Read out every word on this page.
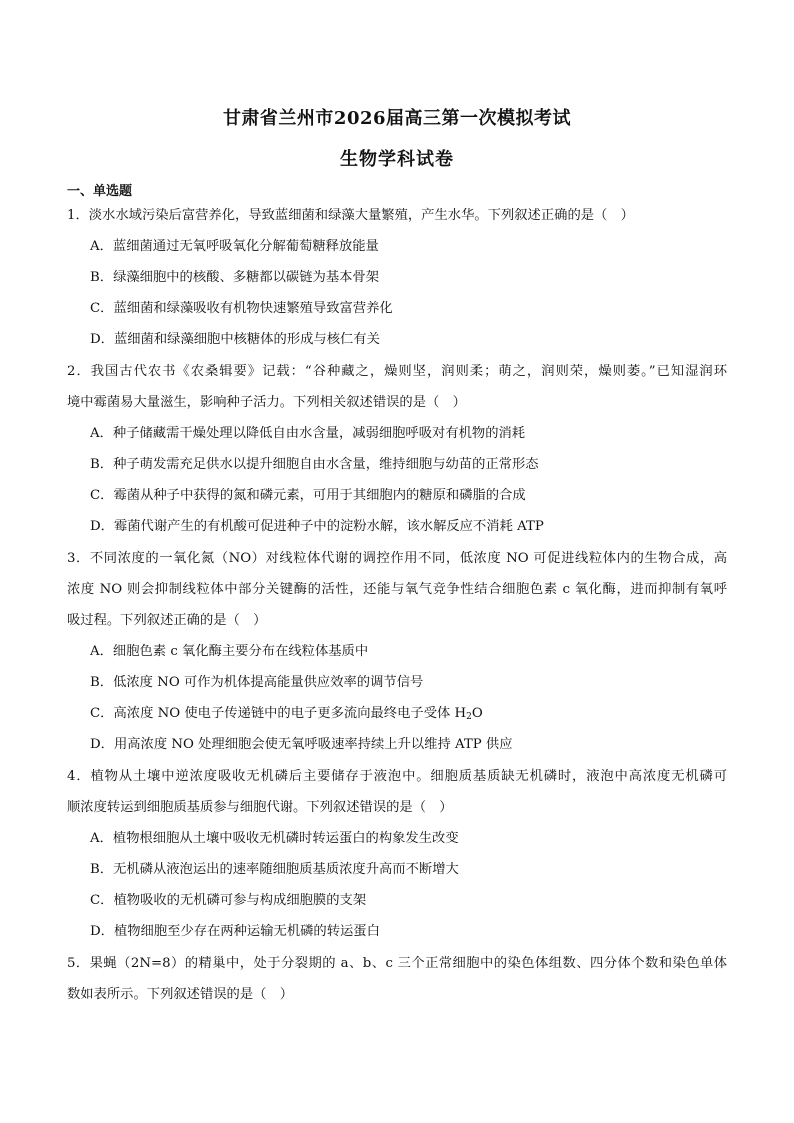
甘肃省兰州市2026届高三第一次模拟考试
生物学科试卷
一、单选题
1．淡水水域污染后富营养化，导致蓝细菌和绿藻大量繁殖，产生水华。下列叙述正确的是（　）
A．蓝细菌通过无氧呼吸氧化分解葡萄糖释放能量
B．绿藻细胞中的核酸、多糖都以碳链为基本骨架
C．蓝细菌和绿藻吸收有机物快速繁殖导致富营养化
D．蓝细菌和绿藻细胞中核糖体的形成与核仁有关
2．我国古代农书《农桑辑要》记载：“谷种藏之，燥则坚，润则柔；萌之，润则荣，燥则萎。”已知湿润环
境中霉菌易大量滋生，影响种子活力。下列相关叙述错误的是（　）
A．种子储藏需干燥处理以降低自由水含量，减弱细胞呼吸对有机物的消耗
B．种子萌发需充足供水以提升细胞自由水含量，维持细胞与幼苗的正常形态
C．霉菌从种子中获得的氮和磷元素，可用于其细胞内的糖原和磷脂的合成
D．霉菌代谢产生的有机酸可促进种子中的淀粉水解，该水解反应不消耗 ATP
3．不同浓度的一氧化氮（NO）对线粒体代谢的调控作用不同，低浓度 NO 可促进线粒体内的生物合成，高
浓度 NO 则会抑制线粒体中部分关键酶的活性，还能与氧气竞争性结合细胞色素 c 氧化酶，进而抑制有氧呼
吸过程。下列叙述正确的是（　）
A．细胞色素 c 氧化酶主要分布在线粒体基质中
B．低浓度 NO 可作为机体提高能量供应效率的调节信号
C．高浓度 NO 使电子传递链中的电子更多流向最终电子受体 $H_2O$
D．用高浓度 NO 处理细胞会使无氧呼吸速率持续上升以维持 ATP 供应
4．植物从土壤中逆浓度吸收无机磷后主要储存于液泡中。细胞质基质缺无机磷时，液泡中高浓度无机磷可
顺浓度转运到细胞质基质参与细胞代谢。下列叙述错误的是（　）
A．植物根细胞从土壤中吸收无机磷时转运蛋白的构象发生改变
B．无机磷从液泡运出的速率随细胞质基质浓度升高而不断增大
C．植物吸收的无机磷可参与构成细胞膜的支架
D．植物细胞至少存在两种运输无机磷的转运蛋白
5．果蝇（2N=8）的精巢中，处于分裂期的 a、b、c 三个正常细胞中的染色体组数、四分体个数和染色单体
数如表所示。下列叙述错误的是（　）
